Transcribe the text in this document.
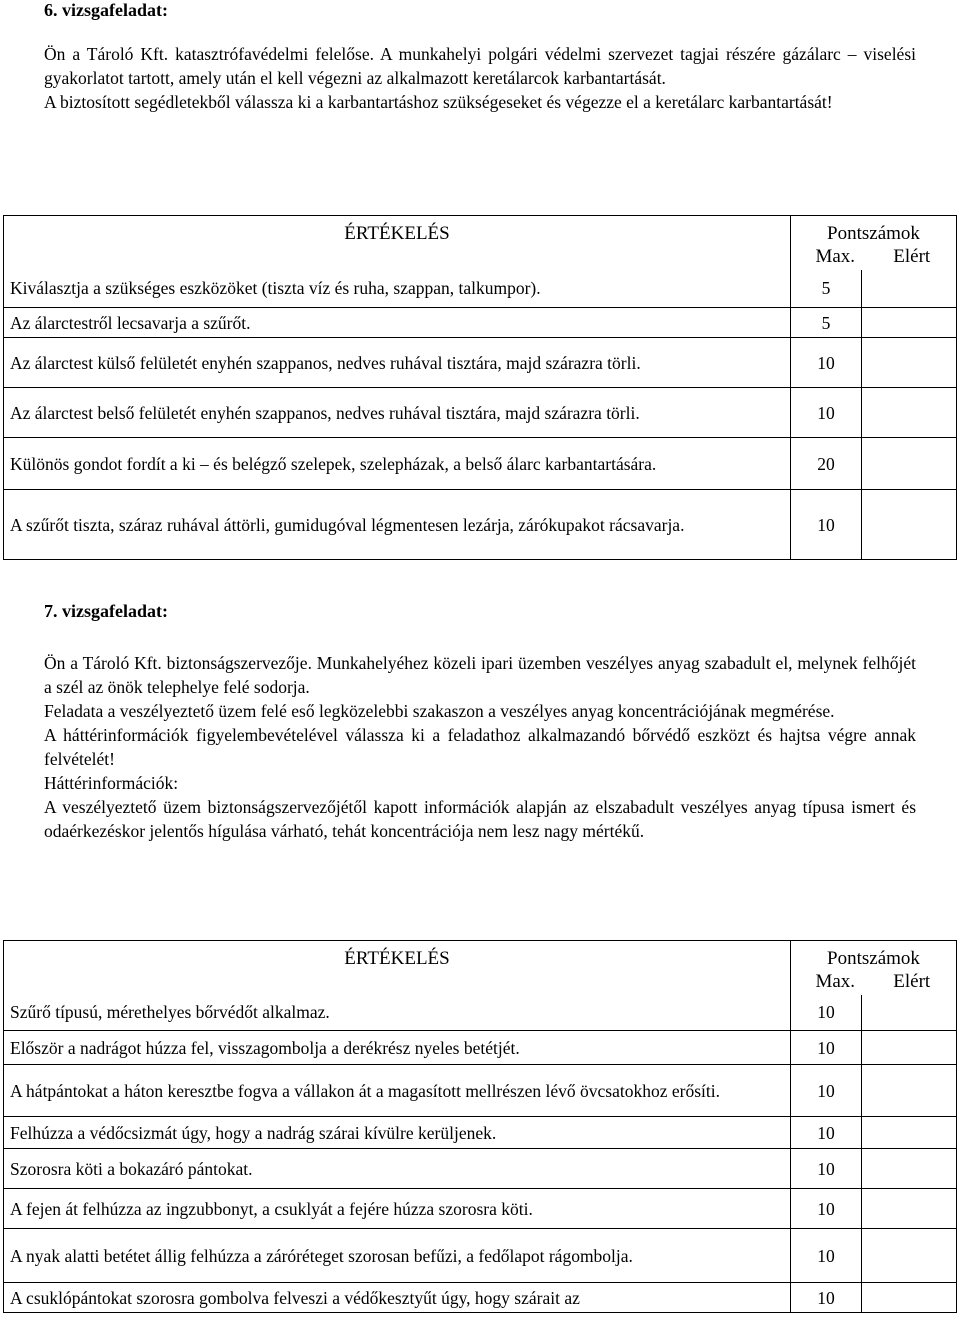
6. vizsgafeladat:

Ön a Tároló Kft. katasztrófavédelmi felelőse. A munkahelyi polgári védelmi szervezet tagjai részére gázálarc – viselési gyakorlatot tartott, amely után el kell végezni az alkalmazott keretálarcok karbantartását.

A biztosított segédletekből válassza ki a karbantartáshoz szükségeseket és végezze el a keretálarc karbantartását!

ÉRTÉKELÉS	Pontszámok	

	Max. Elért	

Kiválasztja a szükséges eszközöket (tiszta víz és ruha, szappan, talkumpor).	5	
Az álarctestről lecsavarja a szűrőt.	5	
Az álarctest külső felületét enyhén szappanos, nedves ruhával tisztára, majd szárazra törli.	10	
Az álarctest belső felületét enyhén szappanos, nedves ruhával tisztára, majd szárazra törli.	10	
Különös gondot fordít a ki – és belégző szelepek, szelepházak, a belső álarc karbantartására.	20	
A szűrőt tiszta, száraz ruhával áttörli, gumidugóval légmentesen lezárja, zárókupakot rácsavarja.	10	
7. vizsgafeladat:

Ön a Tároló Kft. biztonságszervezője. Munkahelyéhez közeli ipari üzemben veszélyes anyag szabadult el, melynek felhőjét a szél az önök telephelye felé sodorja.

Feladata a veszélyeztető üzem felé eső legközelebbi szakaszon a veszélyes anyag koncentrációjának megmérése.

A háttérinformációk figyelembevételével válassza ki a feladathoz alkalmazandó bőrvédő eszközt és hajtsa végre annak felvételét!

Háttérinformációk:

A veszélyeztető üzem biztonságszervezőjétől kapott információk alapján az elszabadult veszélyes anyag típusa ismert és odaérkezéskor jelentős hígulása várható, tehát koncentrációja nem lesz nagy mértékű.

ÉRTÉKELÉS	Pontszámok	

	Max. Elért	

Szűrő típusú, mérethelyes bőrvédőt alkalmaz.	10	
Először a nadrágot húzza fel, visszagombolja a derékrész nyeles betétjét.	10	
A hátpántokat a háton keresztbe fogva a vállakon át a magasított mellrészen lévő övcsatokhoz erősíti.	10	
Felhúzza a védőcsizmát úgy, hogy a nadrág szárai kívülre kerüljenek.	10	
Szorosra köti a bokazáró pántokat.	10	
A fejen át felhúzza az ingzubbonyt, a csuklyát a fejére húzza szorosra köti.	10	
A nyak alatti betétet állig felhúzza a záróréteget szorosan befűzi, a fedőlapot rágombolja.	10	
A csuklópántokat szorosra gombolva felveszi a védőkesztyűt úgy, hogy szárait az	10	
